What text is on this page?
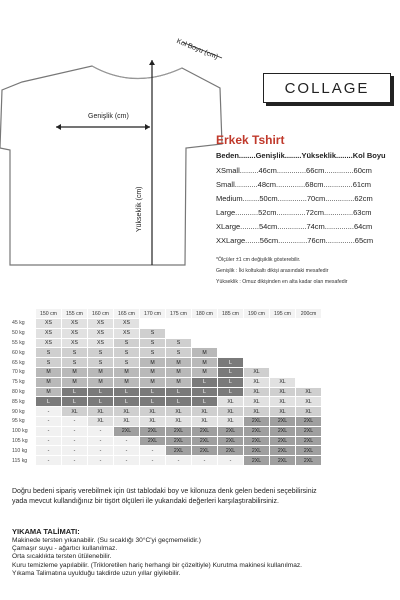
Kol Boyu (cm)
Genişlik (cm)
Yükseklik (cm)
COLLAGE
Erkek Tshirt
Beden........Genişlik........Yükseklik........Kol Boyu
XSmall.........46cm..............66cm..............60cm
Small...........48cm..............68cm..............61cm
Medium........50cm..............70cm..............62cm
Large...........52cm..............72cm..............63cm
XLarge.........54cm..............74cm..............64cm
XXLarge.......56cm..............76cm..............65cm
*Ölçüler ±1 cm değişiklik gösterebilir.
Genişlik : İki koltukaltı dikişi arasındaki mesafedir
Yükseklik : Omuz dikişinden en alta kadar olan mesafedir
	150 cm	155 cm	160 cm	165 cm	170 cm	175 cm	180 cm	185 cm	190 cm	195 cm	200cm
45 kg	XS	XS	XS	XS							
50 kg	XS	XS	XS	XS	S						
55 kg	XS	XS	XS	S	S	S					
60 kg	S	S	S	S	S	S	M				
65 kg	S	S	S	S	M	M	M	L			
70 kg	M	M	M	M	M	M	M	L	XL		
75 kg	M	M	M	M	M	M	L	L	XL	XL	
80 kg	M	L	L	L	L	L	L	L	XL	XL	XL
85 kg	L	L	L	L	L	L	L	XL	XL	XL	XL
90 kg	-	XL	XL	XL	XL	XL	XL	XL	XL	XL	XL
95 kg	-	-	XL	XL	XL	XL	XL	XL	2XL	2XL	2XL
100 kg	-	-	-	2XL	2XL	2XL	2XL	2XL	2XL	2XL	2XL
105 kg	-	-	-	-	2XL	2XL	2XL	2XL	2XL	2XL	2XL
110 kg	-	-	-	-	-	2XL	2XL	2XL	2XL	2XL	2XL
115 kg	-	-	-	-	-	-	-	-	2XL	2XL	2XL
Doğru bedeni sipariş verebilmek için üst tablodaki boy ve kilonuza denk gelen bedeni seçebilirsiniz
yada mevcut kullandığınız bir tişört ölçüleri ile yukarıdaki değerleri karşılaştırabilirsiniz.
YIKAMA TALİMATI:
Makinede tersten yıkanabilir. (Su sıcaklığı 30°C'yi geçmemelidir.)
Çamaşır suyu - ağartıcı kullanılmaz.
Orta sıcaklıkta tersten ütülenebilir.
Kuru temizleme yapılabilir. (Trikloretilen hariç herhangi bir çözeltiyle) Kurutma makinesi kullanılmaz.
Yıkama Talimatına uyulduğu takdirde uzun yıllar giyilebilir.
